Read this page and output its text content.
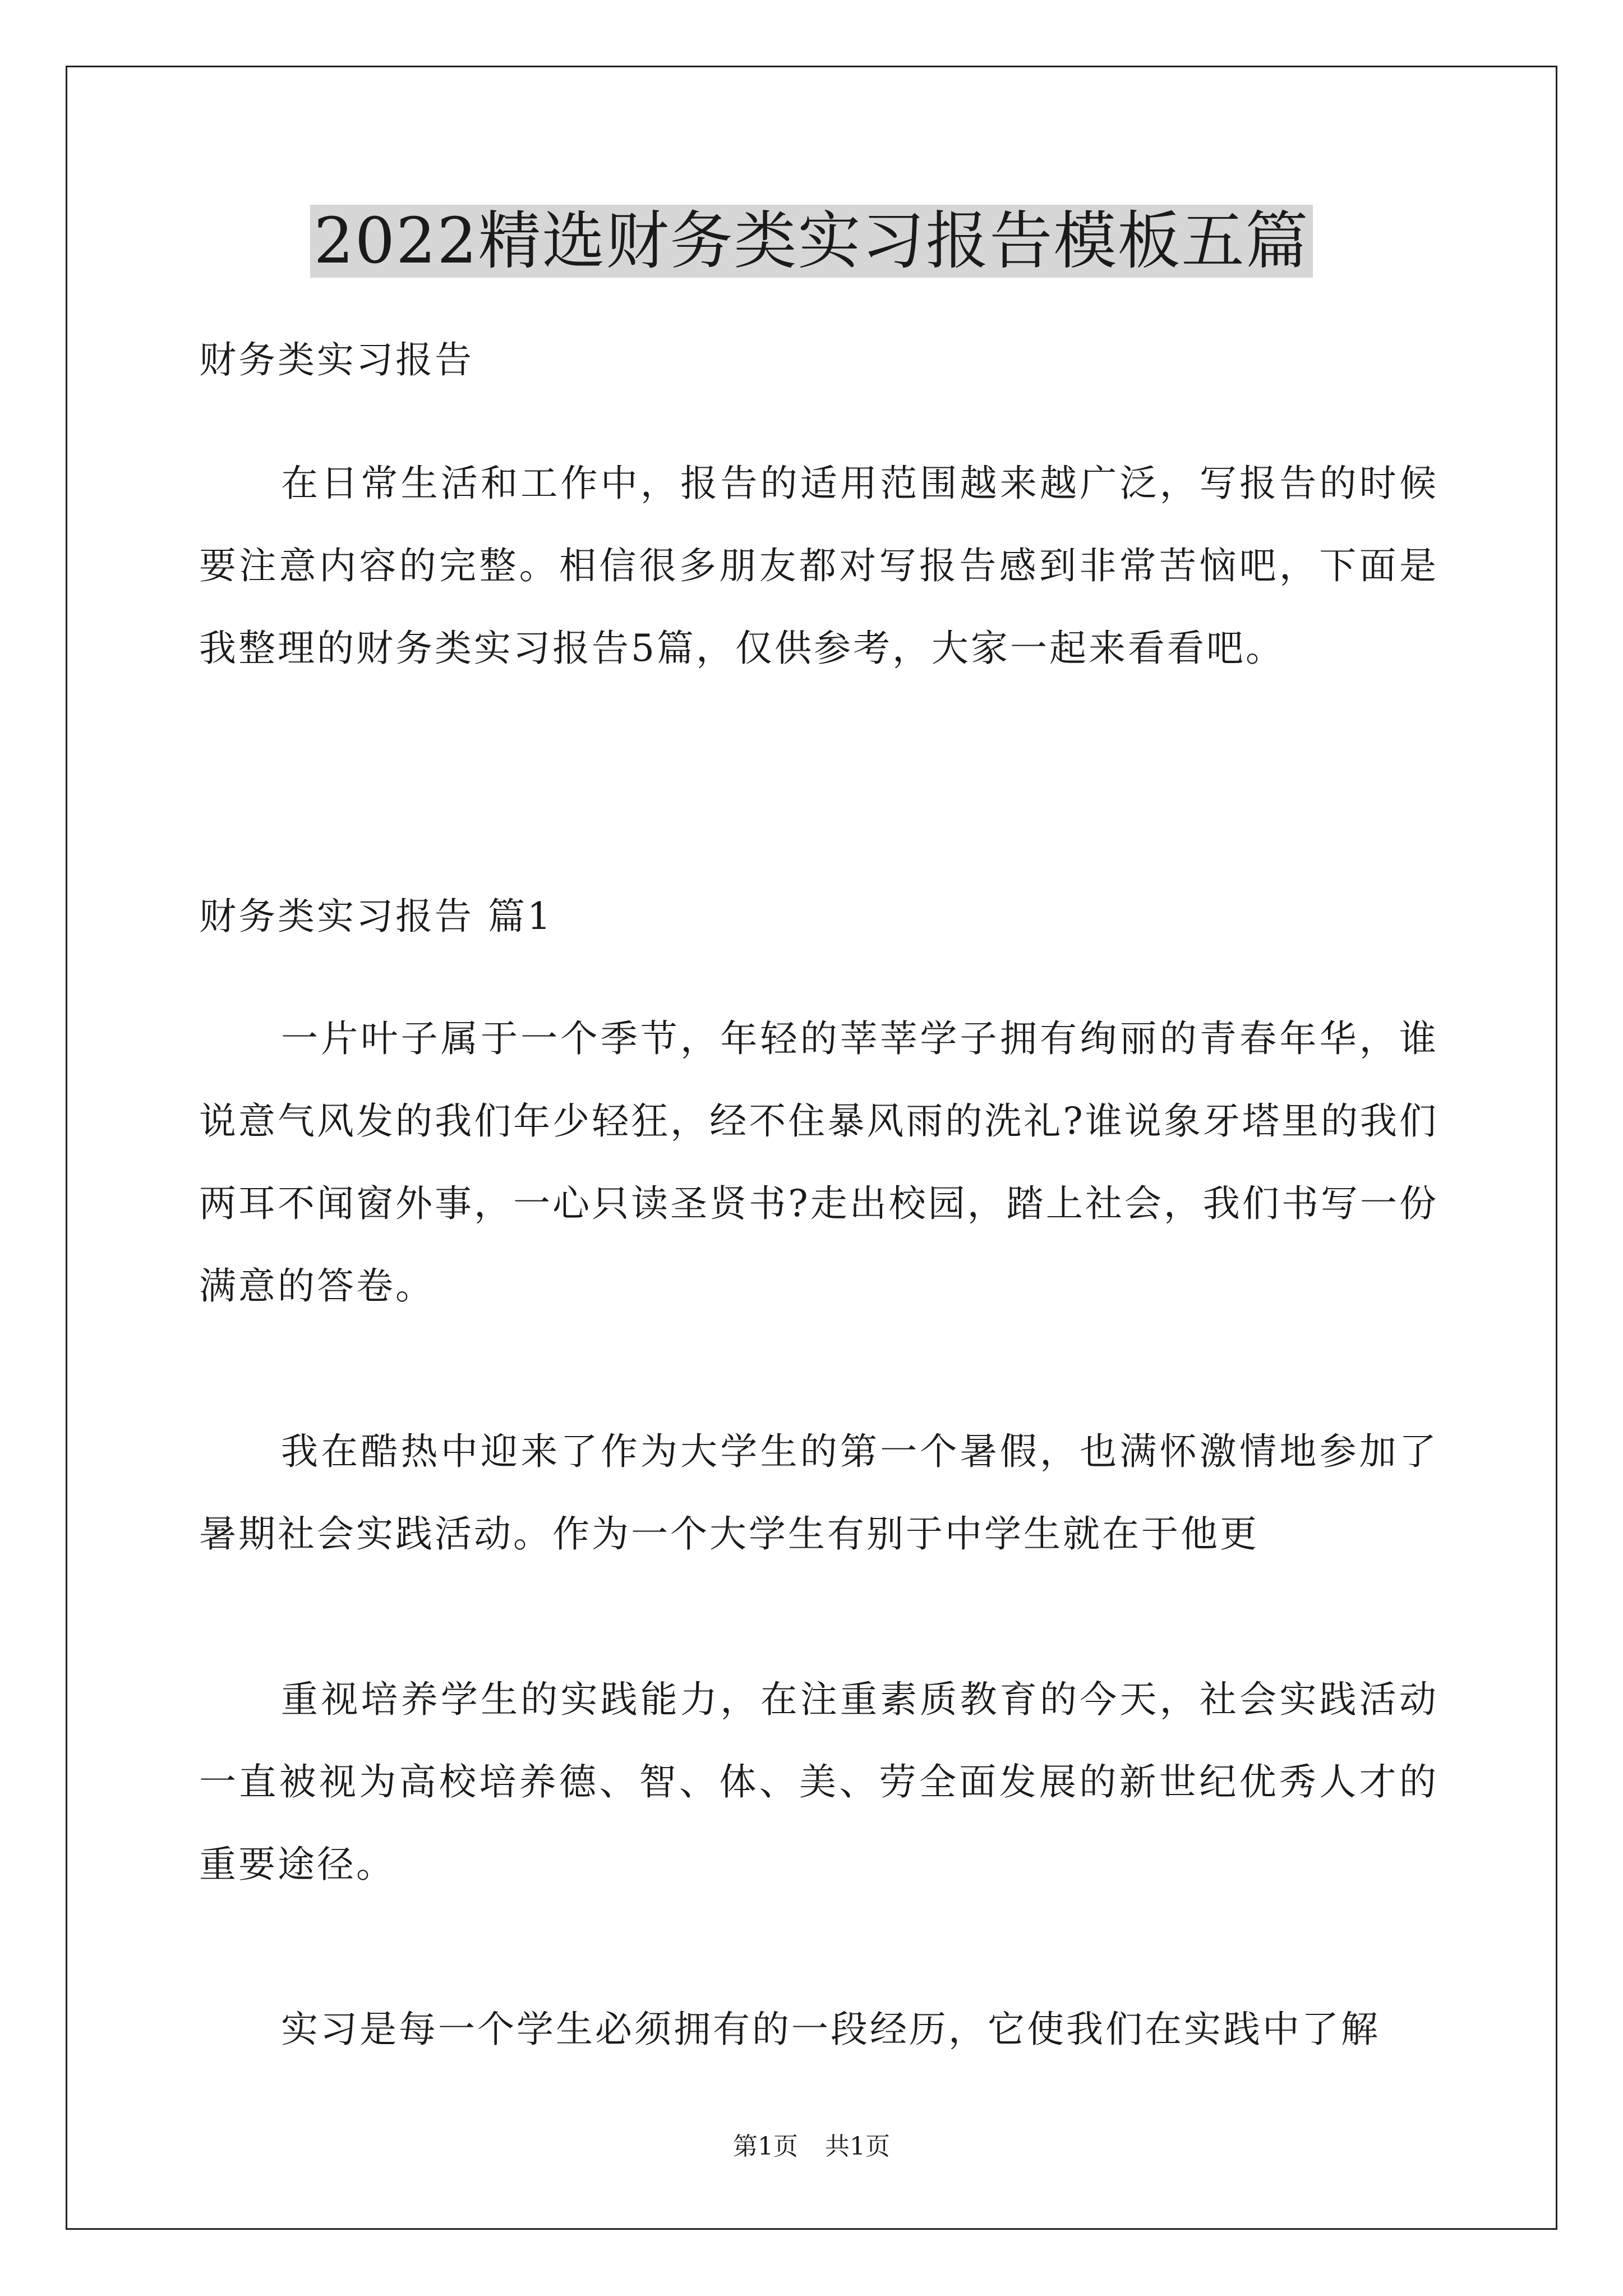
2022精选财务类实习报告模板五篇

财务类实习报告

在日常生活和工作中，报告的适用范围越来越广泛，写报告的时候要注意内容的完整。相信很多朋友都对写报告感到非常苦恼吧，下面是我整理的财务类实习报告5篇，仅供参考，大家一起来看看吧。

财务类实习报告 篇1

一片叶子属于一个季节，年轻的莘莘学子拥有绚丽的青春年华，谁说意气风发的我们年少轻狂，经不住暴风雨的洗礼?谁说象牙塔里的我们两耳不闻窗外事，一心只读圣贤书?走出校园，踏上社会，我们书写一份满意的答卷。

我在酷热中迎来了作为大学生的第一个暑假，也满怀激情地参加了暑期社会实践活动。作为一个大学生有别于中学生就在于他更

重视培养学生的实践能力，在注重素质教育的今天，社会实践活动一直被视为高校培养德、智、体、美、劳全面发展的新世纪优秀人才的重要途径。

实习是每一个学生必须拥有的一段经历，它使我们在实践中了解

第1页 共1页
